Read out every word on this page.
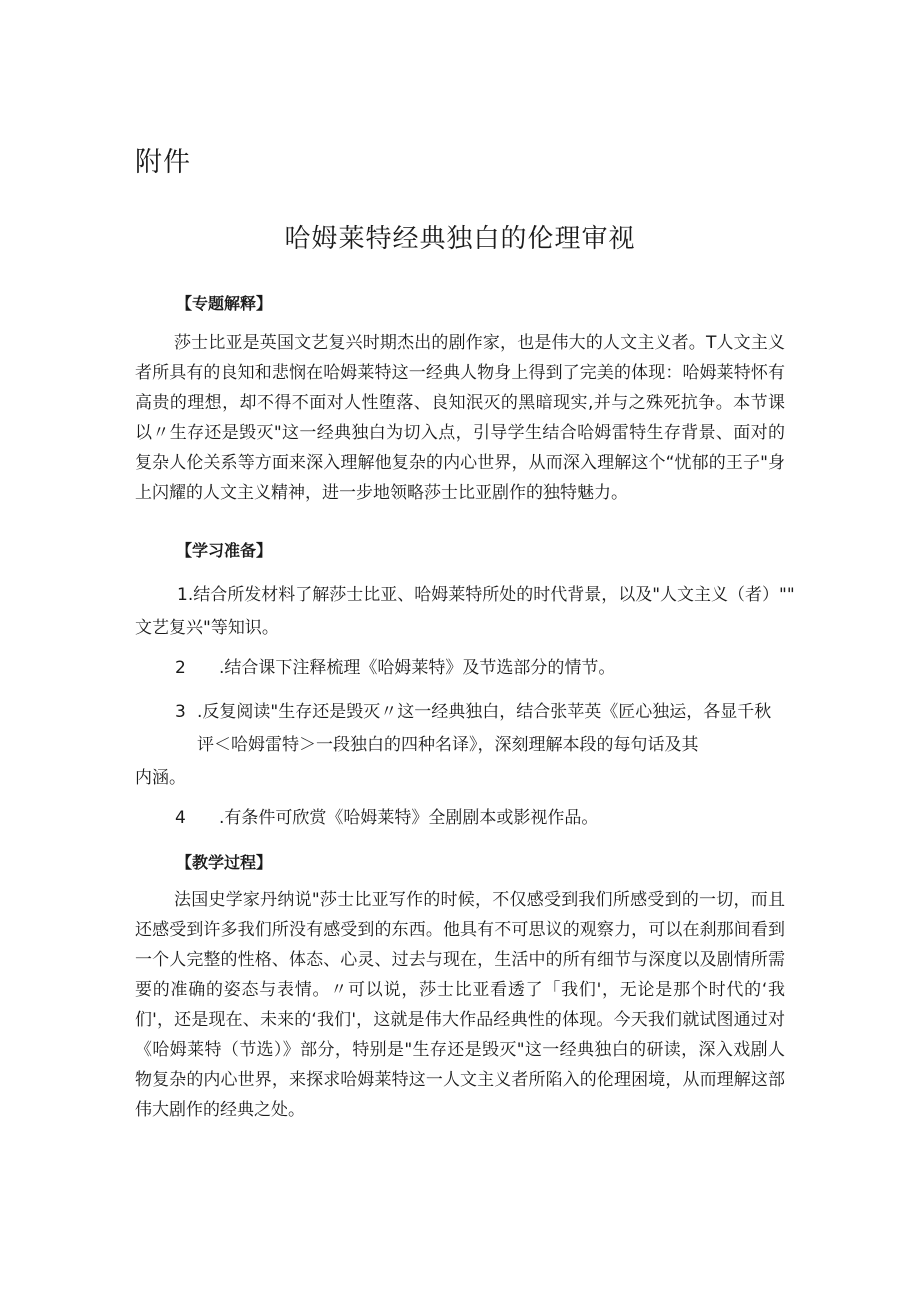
附件
哈姆莱特经典独白的伦理审视
【专题解释】

莎士比亚是英国文艺复兴时期杰出的剧作家，也是伟大的人文主义者。T人文主义者所具有的良知和悲悯在哈姆莱特这一经典人物身上得到了完美的体现：哈姆莱特怀有高贵的理想，却不得不面对人性堕落、良知泯灭的黑暗现实,并与之殊死抗争。本节课以〃生存还是毁灭"这一经典独白为切入点，引导学生结合哈姆雷特生存背景、面对的复杂人伦关系等方面来深入理解他复杂的内心世界，从而深入理解这个“忧郁的王子"身上闪耀的人文主义精神，进一步地领略莎士比亚剧作的独特魅力。

【学习准备】

1.结合所发材料了解莎士比亚、哈姆莱特所处的时代背景，以及"人文主义（者）""

文艺复兴"等知识。

2 .结合课下注释梳理《哈姆莱特》及节选部分的情节。

3 .反复阅读"生存还是毁灭〃这一经典独白，结合张苹英《匠心独运，各显千秋

评＜哈姆雷特＞一段独白的四种名译》，深刻理解本段的每句话及其

内涵。

4 .有条件可欣赏《哈姆莱特》全剧剧本或影视作品。

【教学过程】

法国史学家丹纳说"莎士比亚写作的时候，不仅感受到我们所感受到的一切，而且还感受到许多我们所没有感受到的东西。他具有不可思议的观察力，可以在刹那间看到一个人完整的性格、体态、心灵、过去与现在，生活中的所有细节与深度以及剧情所需要的准确的姿态与表情。〃可以说，莎士比亚看透了「我们'，无论是那个时代的‘我们'，还是现在、未来的‘我们'，这就是伟大作品经典性的体现。今天我们就试图通过对《哈姆莱特（节选）》部分，特别是"生存还是毁灭"这一经典独白的研读，深入戏剧人物复杂的内心世界，来探求哈姆莱特这一人文主义者所陷入的伦理困境，从而理解这部伟大剧作的经典之处。
